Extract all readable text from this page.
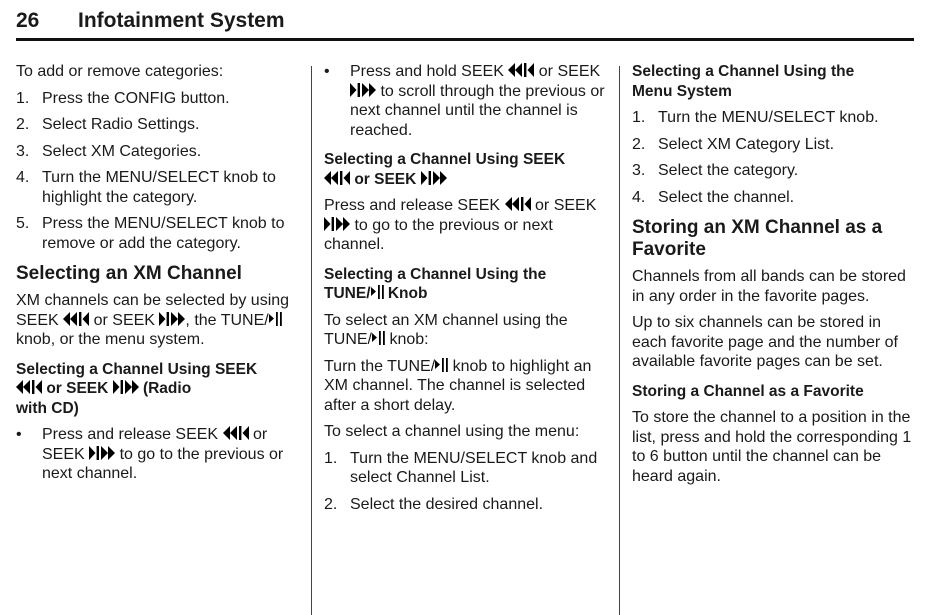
26 Infotainment System

To add or remove categories:

1. Press the CONFIG button.
2. Select Radio Settings.
3. Select XM Categories.
4. Turn the MENU/SELECT knob to highlight the category.
5. Press the MENU/SELECT knob to remove or add the category.
Selecting an XM Channel

XM channels can be selected by using SEEK or SEEK , the TUNE/ knob, or the menu system.

Selecting a Channel Using SEEK
or SEEK (Radio
with CD)
•	Press and release SEEK or SEEK to go to the previous or next channel.
•	Press and hold SEEK or SEEK  to scroll through the previous or next channel until the channel is reached.
Selecting a Channel Using SEEK
or SEEK

Press and release SEEK or SEEK  to go to the previous or next channel.

Selecting a Channel Using the
TUNE/ Knob

To select an XM channel using the TUNE/ knob:

Turn the TUNE/ knob to highlight an XM channel. The channel is selected after a short delay.

To select a channel using the menu:

1. Turn the MENU/SELECT knob and select Channel List.
2. Select the desired channel.
Selecting a Channel Using the
Menu System
1. Turn the MENU/SELECT knob.
2. Select XM Category List.
3. Select the category.
4. Select the channel.
Storing an XM Channel as a Favorite

Channels from all bands can be stored in any order in the favorite pages.

Up to six channels can be stored in each favorite page and the number of available favorite pages can be set.

Storing a Channel as a Favorite

To store the channel to a position in the list, press and hold the corresponding 1 to 6 button until the channel can be heard again.
